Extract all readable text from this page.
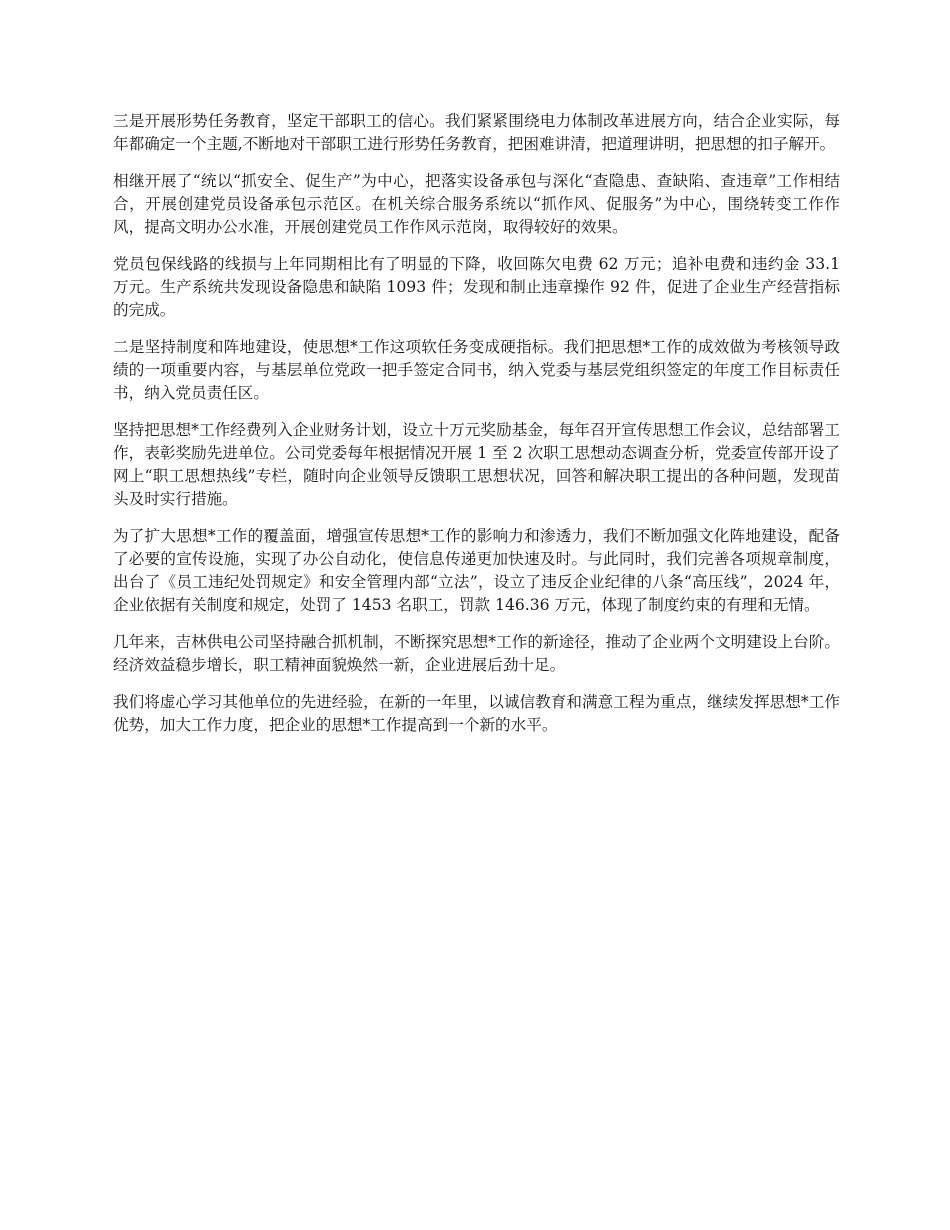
三是开展形势任务教育，坚定干部职工的信心。我们紧紧围绕电力体制改革进展方向，结合企业实际，每年都确定一个主题,不断地对干部职工进行形势任务教育，把困难讲清，把道理讲明，把思想的扣子解开。

相继开展了“统以“抓安全、促生产”为中心，把落实设备承包与深化“查隐患、查缺陷、查违章”工作相结合，开展创建党员设备承包示范区。在机关综合服务系统以“抓作风、促服务”为中心，围绕转变工作作风，提高文明办公水准，开展创建党员工作作风示范岗，取得较好的效果。

党员包保线路的线损与上年同期相比有了明显的下降，收回陈欠电费 62 万元；追补电费和违约金 33.1 万元。生产系统共发现设备隐患和缺陷 1093 件；发现和制止违章操作 92 件，促进了企业生产经营指标的完成。

二是坚持制度和阵地建设，使思想*工作这项软任务变成硬指标。我们把思想*工作的成效做为考核领导政绩的一项重要内容，与基层单位党政一把手签定合同书，纳入党委与基层党组织签定的年度工作目标责任书，纳入党员责任区。

坚持把思想*工作经费列入企业财务计划，设立十万元奖励基金，每年召开宣传思想工作会议，总结部署工作，表彰奖励先进单位。公司党委每年根据情况开展 1 至 2 次职工思想动态调查分析，党委宣传部开设了网上“职工思想热线”专栏，随时向企业领导反馈职工思想状况，回答和解决职工提出的各种问题，发现苗头及时实行措施。

为了扩大思想*工作的覆盖面，增强宣传思想*工作的影响力和渗透力，我们不断加强文化阵地建设，配备了必要的宣传设施，实现了办公自动化，使信息传递更加快速及时。与此同时，我们完善各项规章制度，出台了《员工违纪处罚规定》和安全管理内部“立法”，设立了违反企业纪律的八条“高压线”，2024 年，企业依据有关制度和规定，处罚了 1453 名职工，罚款 146.36 万元，体现了制度约束的有理和无情。

几年来，吉林供电公司坚持融合抓机制，不断探究思想*工作的新途径，推动了企业两个文明建设上台阶。经济效益稳步增长，职工精神面貌焕然一新，企业进展后劲十足。

我们将虚心学习其他单位的先进经验，在新的一年里，以诚信教育和满意工程为重点，继续发挥思想*工作优势，加大工作力度，把企业的思想*工作提高到一个新的水平。
